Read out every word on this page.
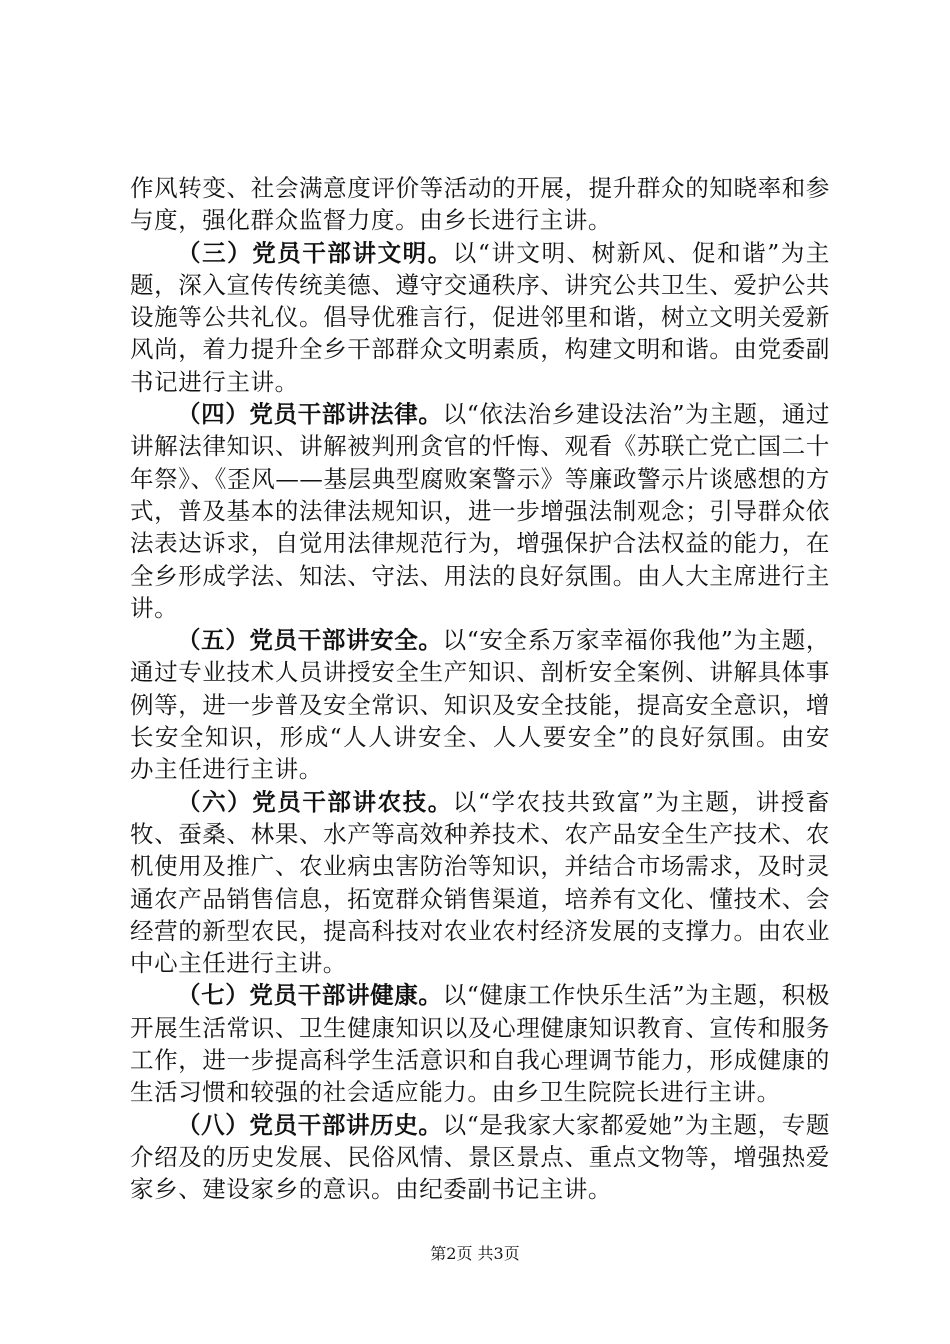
作风转变、社会满意度评价等活动的开展，提升群众的知晓率和参与度，强化群众监督力度。由乡长进行主讲。

（三）党员干部讲文明。以“讲文明、树新风、促和谐”为主题，深入宣传传统美德、遵守交通秩序、讲究公共卫生、爱护公共设施等公共礼仪。倡导优雅言行，促进邻里和谐，树立文明关爱新风尚，着力提升全乡干部群众文明素质，构建文明和谐。由党委副书记进行主讲。

（四）党员干部讲法律。以“依法治乡建设法治”为主题，通过讲解法律知识、讲解被判刑贪官的忏悔、观看《苏联亡党亡国二十年祭》、《歪风——基层典型腐败案警示》等廉政警示片谈感想的方式，普及基本的法律法规知识，进一步增强法制观念；引导群众依法表达诉求，自觉用法律规范行为，增强保护合法权益的能力，在全乡形成学法、知法、守法、用法的良好氛围。由人大主席进行主讲。

（五）党员干部讲安全。以“安全系万家幸福你我他”为主题，通过专业技术人员讲授安全生产知识、剖析安全案例、讲解具体事例等，进一步普及安全常识、知识及安全技能，提高安全意识，增长安全知识，形成“人人讲安全、人人要安全”的良好氛围。由安办主任进行主讲。

（六）党员干部讲农技。以“学农技共致富”为主题，讲授畜牧、蚕桑、林果、水产等高效种养技术、农产品安全生产技术、农机使用及推广、农业病虫害防治等知识，并结合市场需求，及时灵通农产品销售信息，拓宽群众销售渠道，培养有文化、懂技术、会经营的新型农民，提高科技对农业农村经济发展的支撑力。由农业中心主任进行主讲。

（七）党员干部讲健康。以“健康工作快乐生活”为主题，积极开展生活常识、卫生健康知识以及心理健康知识教育、宣传和服务工作，进一步提高科学生活意识和自我心理调节能力，形成健康的生活习惯和较强的社会适应能力。由乡卫生院院长进行主讲。

（八）党员干部讲历史。以“是我家大家都爱她”为主题，专题介绍及的历史发展、民俗风情、景区景点、重点文物等，增强热爱家乡、建设家乡的意识。由纪委副书记主讲。

第2页 共3页
